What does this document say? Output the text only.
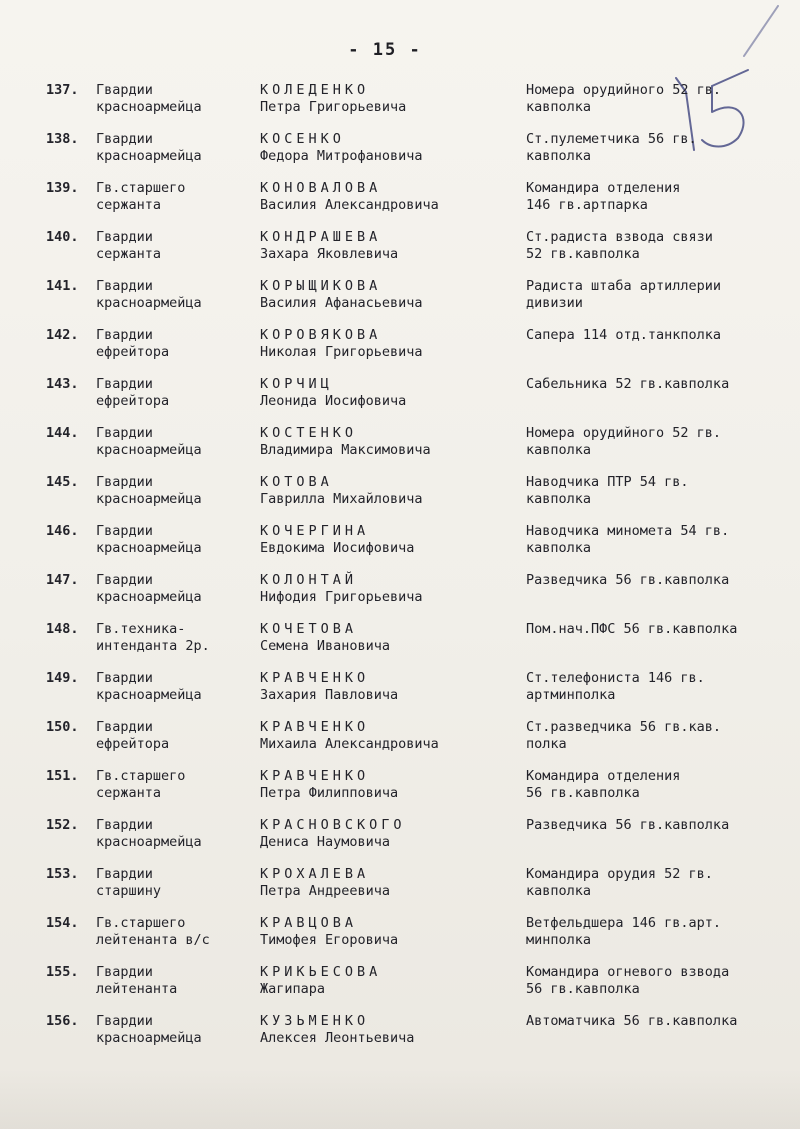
- 15 -
137. Гвардии
красноармейца
КОЛЕДЕНКО
Петра Григорьевича
Номера орудийного 52 гв.
кавполка
138. Гвардии
красноармейца
КОСЕНКО
Федора Митрофановича
Ст.пулеметчика 56 гв.
кавполка
139. Гв.старшего
сержанта
КОНОВАЛОВА
Василия Александровича
Командира отделения
146 гв.артпарка
140. Гвардии
сержанта
КОНДРАШЕВА
Захара Яковлевича
Ст.радиста взвода связи
52 гв.кавполка
141. Гвардии
красноармейца
КОРЫЩИКОВА
Василия Афанасьевича
Радиста штаба артиллерии
дивизии
142. Гвардии
ефрейтора
КОРОВЯКОВА
Николая Григорьевича
Сапера 114 отд.танкполка
143. Гвардии
ефрейтора
КОРЧИЦ
Леонида Иосифовича
Сабельника 52 гв.кавполка
144. Гвардии
красноармейца
КОСТЕНКО
Владимира Максимовича
Номера орудийного 52 гв.
кавполка
145. Гвардии
красноармейца
КОТОВА
Гаврилла Михайловича
Наводчика ПТР 54 гв.
кавполка
146. Гвардии
красноармейца
КОЧЕРГИНА
Евдокима Иосифовича
Наводчика миномета 54 гв.
кавполка
147. Гвардии
красноармейца
КОЛОНТАЙ
Нифодия Григорьевича
Разведчика 56 гв.кавполка
148. Гв.техника-
интенданта 2р.
КОЧЕТОВА
Семена Ивановича
Пом.нач.ПФС 56 гв.кавполка
149. Гвардии
красноармейца
КРАВЧЕНКО
Захария Павловича
Ст.телефониста 146 гв.
артминполка
150. Гвардии
ефрейтора
КРАВЧЕНКО
Михаила Александровича
Ст.разведчика 56 гв.кав.
полка
151. Гв.старшего
сержанта
КРАВЧЕНКО
Петра Филипповича
Командира отделения
56 гв.кавполка
152. Гвардии
красноармейца
КРАСНОВСКОГО
Дениса Наумовича
Разведчика 56 гв.кавполка
153. Гвардии
старшину
КРОХАЛЕВА
Петра Андреевича
Командира орудия 52 гв.
кавполка
154. Гв.старшего
лейтенанта в/с
КРАВЦОВА
Тимофея Егоровича
Ветфельдшера 146 гв.арт.
минполка
155. Гвардии
лейтенанта
КРИКЬЕСОВА
Жагипара
Командира огневого взвода
56 гв.кавполка
156. Гвардии
красноармейца
КУЗЬМЕНКО
Алексея Леонтьевича
Автоматчика 56 гв.кавполка
